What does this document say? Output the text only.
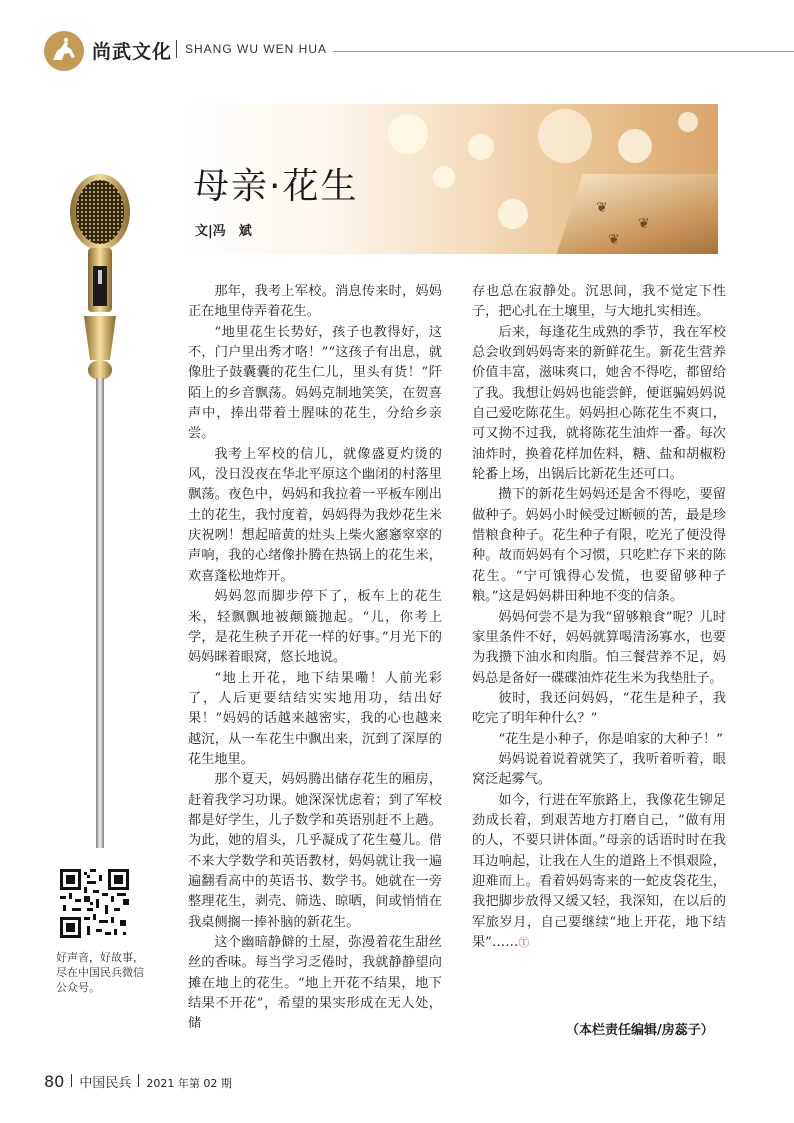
尚武文化 SHANG WU WEN HUA
❦
❦
❦
母亲·花生
文|冯　斌
好声音，好故事，尽在中国民兵微信公众号。

那年，我考上军校。消息传来时，妈妈正在地里侍弄着花生。

“地里花生长势好，孩子也教得好，这不，门户里出秀才咯！”“这孩子有出息，就像肚子鼓囊囊的花生仁儿，里头有货！”阡陌上的乡音飘荡。妈妈克制地笑笑，在贺喜声中，捧出带着土腥味的花生，分给乡亲尝。

我考上军校的信儿，就像盛夏灼烫的风，没日没夜在华北平原这个幽闭的村落里飘荡。夜色中，妈妈和我拉着一平板车刚出土的花生，我忖度着，妈妈得为我炒花生米庆祝咧！想起暗黄的灶头上柴火窸窸窣窣的声响，我的心绪像扑腾在热锅上的花生米，欢喜蓬松地炸开。

妈妈忽而脚步停下了，板车上的花生米，轻飘飘地被颠簸抛起。“儿，你考上学，是花生秧子开花一样的好事。”月光下的妈妈眯着眼窝，悠长地说。

“地上开花，地下结果嘞！人前光彩了，人后更要结结实实地用功，结出好果！”妈妈的话越来越密实，我的心也越来越沉，从一车花生中飘出来，沉到了深厚的花生地里。

那个夏天，妈妈腾出储存花生的厢房，赶着我学习功课。她深深忧虑着；到了军校都是好学生，儿子数学和英语别赶不上趟。为此，她的眉头，几乎凝成了花生蔓儿。借不来大学数学和英语教材，妈妈就让我一遍遍翻看高中的英语书、数学书。她就在一旁整理花生，剥壳、筛选、晾晒，间或悄悄在我桌侧搁一捧补脑的新花生。

这个幽暗静僻的土屋，弥漫着花生甜丝丝的香味。每当学习乏倦时，我就静静望向摊在地上的花生。“地上开花不结果，地下结果不开花”，希望的果实形成在无人处，储

存也总在寂静处。沉思间，我不觉定下性子，把心扎在土壤里，与大地扎实相连。

后来，每逢花生成熟的季节，我在军校总会收到妈妈寄来的新鲜花生。新花生营养价值丰富，滋味爽口，她舍不得吃，都留给了我。我想让妈妈也能尝鲜，便诓骗妈妈说自己爱吃陈花生。妈妈担心陈花生不爽口，可又拗不过我，就将陈花生油炸一番。每次油炸时，换着花样加佐料，糖、盐和胡椒粉轮番上场，出锅后比新花生还可口。

攒下的新花生妈妈还是舍不得吃，要留做种子。妈妈小时候受过断顿的苦，最是珍惜粮食种子。花生种子有限，吃光了便没得种。故而妈妈有个习惯，只吃贮存下来的陈花生。“宁可饿得心发慌，也要留够种子粮。”这是妈妈耕田种地不变的信条。

妈妈何尝不是为我“留够粮食”呢？儿时家里条件不好，妈妈就算喝清汤寡水，也要为我攒下油水和肉脂。怕三餐营养不足，妈妈总是备好一碟碟油炸花生米为我垫肚子。

彼时，我还问妈妈，“花生是种子，我吃完了明年种什么？”

“花生是小种子，你是咱家的大种子！”

妈妈说着说着就笑了，我听着听着，眼窝泛起雾气。

如今，行进在军旅路上，我像花生铆足劲成长着，到艰苦地方打磨自己，“做有用的人，不要只讲体面。”母亲的话语时时在我耳边响起，让我在人生的道路上不惧艰险，迎难而上。看着妈妈寄来的一蛇皮袋花生，我把脚步放得又缓又轻，我深知，在以后的军旅岁月，自己要继续“地上开花，地下结果”……Ⓣ

（本栏责任编辑/房蕊子）
80 中国民兵 2021 年第 02 期
